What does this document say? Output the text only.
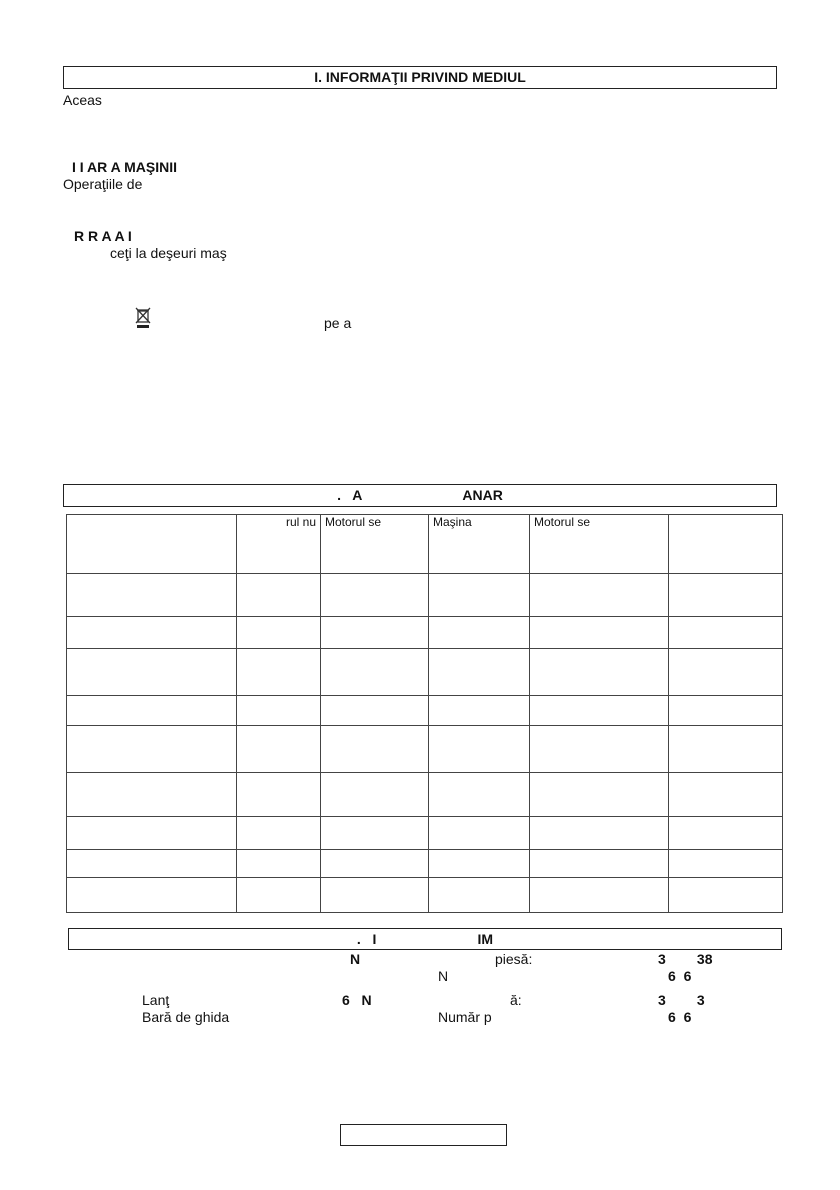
I. INFORMAŢII PRIVIND MEDIUL
Aceas
I I AR A MAŞINII
Operaţiile de
R R A A I
ceţi la deşeuri maş
pe a
.   A                          ANAR
	rul nu	Motorul se	Maşina	Motorul se	

.   I                          IM
N	piesă:	3        38
N	6  6
Lanţ	6   N	ă:	3        3
Bară de ghida	Număr p	6  6
